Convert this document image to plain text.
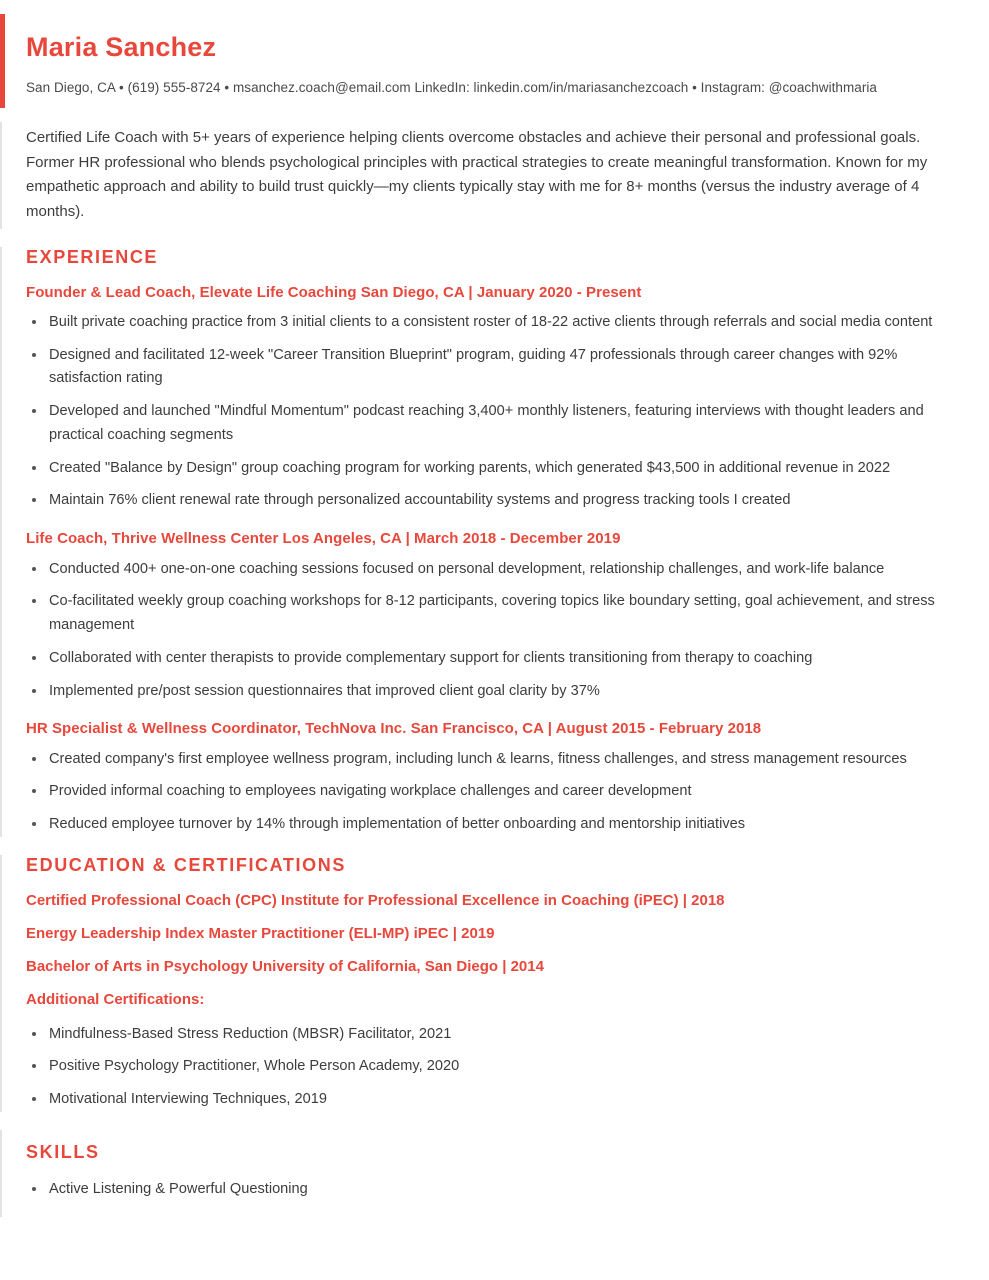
Maria Sanchez
San Diego, CA • (619) 555-8724 • msanchez.coach@email.com LinkedIn: linkedin.com/in/mariasanchezcoach • Instagram: @coachwithmaria

Certified Life Coach with 5+ years of experience helping clients overcome obstacles and achieve their personal and professional goals. Former HR professional who blends psychological principles with practical strategies to create meaningful transformation. Known for my empathetic approach and ability to build trust quickly—my clients typically stay with me for 8+ months (versus the industry average of 4 months).

EXPERIENCE
Founder & Lead Coach, Elevate Life Coaching San Diego, CA | January 2020 - Present
Built private coaching practice from 3 initial clients to a consistent roster of 18-22 active clients through referrals and social media content
Designed and facilitated 12-week "Career Transition Blueprint" program, guiding 47 professionals through career changes with 92% satisfaction rating
Developed and launched "Mindful Momentum" podcast reaching 3,400+ monthly listeners, featuring interviews with thought leaders and practical coaching segments
Created "Balance by Design" group coaching program for working parents, which generated $43,500 in additional revenue in 2022
Maintain 76% client renewal rate through personalized accountability systems and progress tracking tools I created
Life Coach, Thrive Wellness Center Los Angeles, CA | March 2018 - December 2019
Conducted 400+ one-on-one coaching sessions focused on personal development, relationship challenges, and work-life balance
Co-facilitated weekly group coaching workshops for 8-12 participants, covering topics like boundary setting, goal achievement, and stress management
Collaborated with center therapists to provide complementary support for clients transitioning from therapy to coaching
Implemented pre/post session questionnaires that improved client goal clarity by 37%
HR Specialist & Wellness Coordinator, TechNova Inc. San Francisco, CA | August 2015 - February 2018
Created company's first employee wellness program, including lunch & learns, fitness challenges, and stress management resources
Provided informal coaching to employees navigating workplace challenges and career development
Reduced employee turnover by 14% through implementation of better onboarding and mentorship initiatives
EDUCATION & CERTIFICATIONS
Certified Professional Coach (CPC) Institute for Professional Excellence in Coaching (iPEC) | 2018
Energy Leadership Index Master Practitioner (ELI-MP) iPEC | 2019
Bachelor of Arts in Psychology University of California, San Diego | 2014
Additional Certifications:
Mindfulness-Based Stress Reduction (MBSR) Facilitator, 2021
Positive Psychology Practitioner, Whole Person Academy, 2020
Motivational Interviewing Techniques, 2019
SKILLS
Active Listening & Powerful Questioning
